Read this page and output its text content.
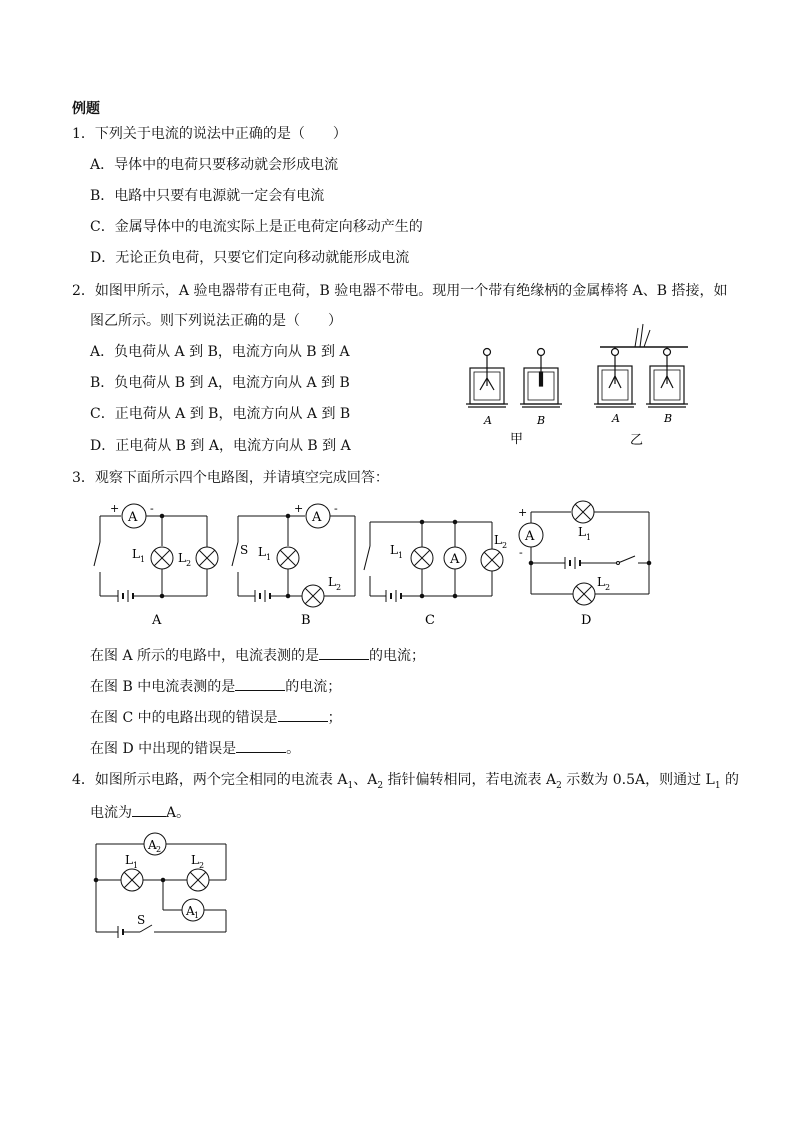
例题
1．下列关于电流的说法中正确的是（　　）
A．导体中的电荷只要移动就会形成电流
B．电路中只要有电源就一定会有电流
C．金属导体中的电流实际上是正电荷定向移动产生的
D．无论正负电荷，只要它们定向移动就能形成电流
2．如图甲所示，A 验电器带有正电荷，B 验电器不带电。现用一个带有绝缘柄的金属棒将 A、B 搭接，如
图乙所示。则下列说法正确的是（　　）
A．负电荷从 A 到 B，电流方向从 B 到 A
B．负电荷从 B 到 A，电流方向从 A 到 B
C．正电荷从 A 到 B，电流方向从 A 到 B
D．正电荷从 B 到 A，电流方向从 B 到 A
A	B	A	B
甲	乙
3．观察下面所示四个电路图，并请填空完成回答：
A
+	-
L 1	L 2
A
A
+	-
S L 1
L 2
B
A
L 1
L 2
C
A
+
-
L 1
L 2
D
在图 A 所示的电路中，电流表测的是	的电流；
在图 B 中电流表测的是	的电流；
在图 C 中的电路出现的错误是	；
在图 D 中出现的错误是	。
4．如图所示电路，两个完全相同的电流表 $A_1$、$A_2$ 指针偏转相同，若电流表 $A_2$ 示数为 0.5A，则通过 $L_1$ 的
电流为 A。
A 2
L 1	L 2
A 1
S
